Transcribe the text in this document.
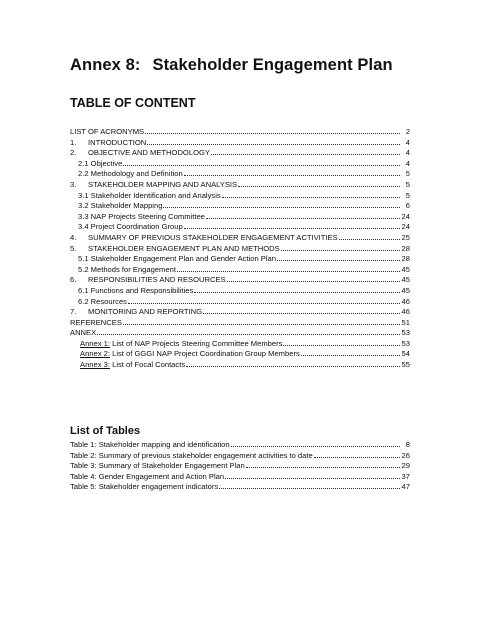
Annex 8: Stakeholder Engagement Plan
TABLE OF CONTENT
LIST OF ACRONYMS	2
1.	INTRODUCTION	4
2.	OBJECTIVE AND METHODOLOGY	4
2.1 Objective	4
2.2 Methodology and Definition	5
3.	STAKEHOLDER MAPPING AND ANALYSIS	5
3.1 Stakeholder Identification and Analysis	5
3.2 Stakeholder Mapping	6
3.3 NAP Projects Steering Committee	24
3.4 Project Coordination Group	24
4.	SUMMARY OF PREVIOUS STAKEHOLDER ENGAGEMENT ACTIVITIES	25
5.	STAKEHOLDER ENGAGEMENT PLAN AND METHODS	28
5.1 Stakeholder Engagement Plan and Gender Action Plan	28
5.2 Methods for Engagement	45
6.	RESPONSIBILITIES AND RESOURCES	45
6.1 Functions and Responsibilities	45
6.2 Resources	46
7.	MONITORING AND REPORTING	46
REFERENCES	51
ANNEX	53
Annex 1: List of NAP Projects Steering Committee Members	53
Annex 2: List of GGGI NAP Project Coordination Group Members	54
Annex 3: List of Focal Contacts	55
List of Tables
Table 1: Stakeholder mapping and identification	8
Table 2: Summary of previous stakeholder engagement activities to date	26
Table 3: Summary of Stakeholder Engagement Plan	29
Table 4: Gender Engagement and Action Plan	37
Table 5: Stakeholder engagement indicators	47
